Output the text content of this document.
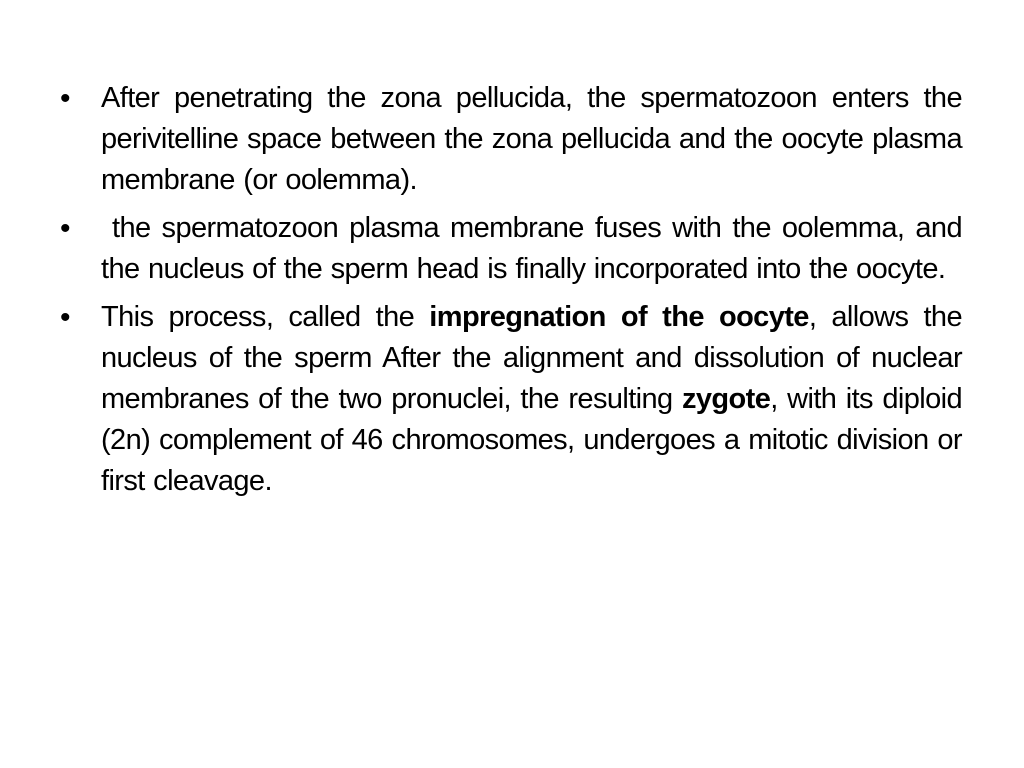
•	After penetrating the zona pellucida, the spermatozoon enters the perivitelline space between the zona pellucida and the oocyte plasma membrane (or oolemma).
•	the spermatozoon plasma membrane fuses with the oolemma, and the nucleus of the sperm head is finally incorporated into the oocyte.
•	This process, called the impregnation of the oocyte, allows the nucleus of the sperm After the alignment and dissolution of nuclear membranes of the two pronuclei, the resulting zygote, with its diploid (2n) complement of 46 chromosomes, undergoes a mitotic division or first cleavage.
